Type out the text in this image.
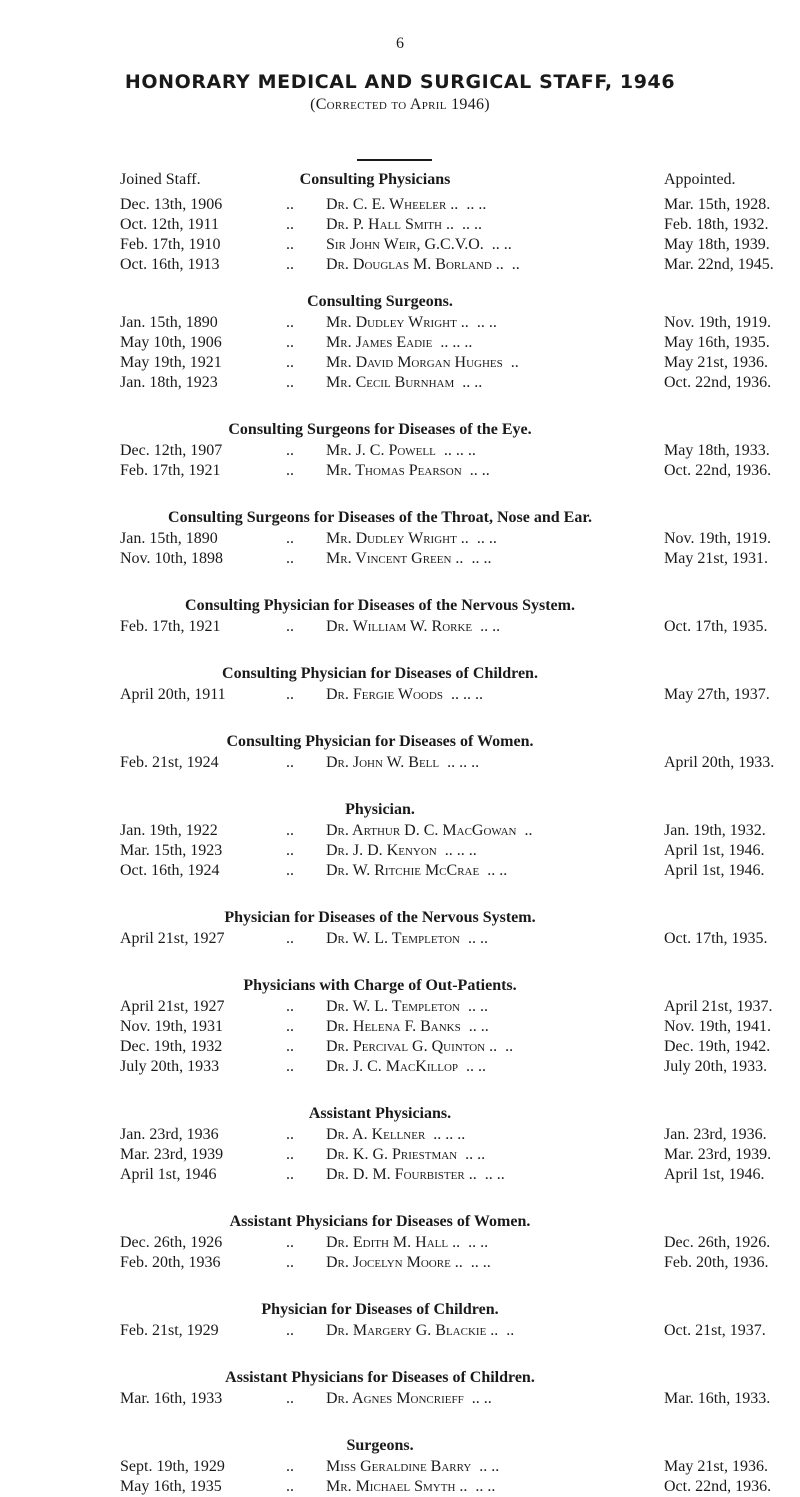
6
HONORARY MEDICAL AND SURGICAL STAFF, 1946
(Corrected to April 1946)
Joined Staff.	Consulting Physicians	Appointed.
Dec. 13th, 1906	.. Dr. C. E. Wheeler .. .. ..	Mar. 15th, 1928.
Oct. 12th, 1911	.. Dr. P. Hall Smith .. .. ..	Feb. 18th, 1932.
Feb. 17th, 1910	.. Sir John Weir, G.C.V.O. .. ..	May 18th, 1939.
Oct. 16th, 1913	.. Dr. Douglas M. Borland .. ..	Mar. 22nd, 1945.
Consulting Surgeons.
Jan. 15th, 1890	.. Mr. Dudley Wright .. .. ..	Nov. 19th, 1919.
May 10th, 1906	.. Mr. James Eadie .. .. ..	May 16th, 1935.
May 19th, 1921	.. Mr. David Morgan Hughes ..	May 21st, 1936.
Jan. 18th, 1923	.. Mr. Cecil Burnham .. ..	Oct. 22nd, 1936.
Consulting Surgeons for Diseases of the Eye.
Dec. 12th, 1907	.. Mr. J. C. Powell .. .. ..	May 18th, 1933.
Feb. 17th, 1921	.. Mr. Thomas Pearson .. ..	Oct. 22nd, 1936.
Consulting Surgeons for Diseases of the Throat, Nose and Ear.
Jan. 15th, 1890	.. Mr. Dudley Wright .. .. ..	Nov. 19th, 1919.
Nov. 10th, 1898	.. Mr. Vincent Green .. .. ..	May 21st, 1931.
Consulting Physician for Diseases of the Nervous System.
Feb. 17th, 1921	.. Dr. William W. Rorke .. ..	Oct. 17th, 1935.
Consulting Physician for Diseases of Children.
April 20th, 1911	.. Dr. Fergie Woods .. .. ..	May 27th, 1937.
Consulting Physician for Diseases of Women.
Feb. 21st, 1924	.. Dr. John W. Bell .. .. ..	April 20th, 1933.
Physician.
Jan. 19th, 1922	.. Dr. Arthur D. C. MacGowan ..	Jan. 19th, 1932.
Mar. 15th, 1923	.. Dr. J. D. Kenyon .. .. ..	April 1st, 1946.
Oct. 16th, 1924	.. Dr. W. Ritchie McCrae .. ..	April 1st, 1946.
Physician for Diseases of the Nervous System.
April 21st, 1927	.. Dr. W. L. Templeton .. ..	Oct. 17th, 1935.
Physicians with Charge of Out-Patients.
April 21st, 1927	.. Dr. W. L. Templeton .. ..	April 21st, 1937.
Nov. 19th, 1931	.. Dr. Helena F. Banks .. ..	Nov. 19th, 1941.
Dec. 19th, 1932	.. Dr. Percival G. Quinton .. ..	Dec. 19th, 1942.
July 20th, 1933	.. Dr. J. C. MacKillop .. ..	July 20th, 1933.
Assistant Physicians.
Jan. 23rd, 1936	.. Dr. A. Kellner .. .. ..	Jan. 23rd, 1936.
Mar. 23rd, 1939	.. Dr. K. G. Priestman .. ..	Mar. 23rd, 1939.
April 1st, 1946	.. Dr. D. M. Fourbister .. .. ..	April 1st, 1946.
Assistant Physicians for Diseases of Women.
Dec. 26th, 1926	.. Dr. Edith M. Hall .. .. ..	Dec. 26th, 1926.
Feb. 20th, 1936	.. Dr. Jocelyn Moore .. .. ..	Feb. 20th, 1936.
Physician for Diseases of Children.
Feb. 21st, 1929	.. Dr. Margery G. Blackie .. ..	Oct. 21st, 1937.
Assistant Physicians for Diseases of Children.
Mar. 16th, 1933	.. Dr. Agnes Moncrieff .. ..	Mar. 16th, 1933.
Surgeons.
Sept. 19th, 1929	.. Miss Geraldine Barry .. ..	May 21st, 1936.
May 16th, 1935	.. Mr. Michael Smyth .. .. ..	Oct. 22nd, 1936.
